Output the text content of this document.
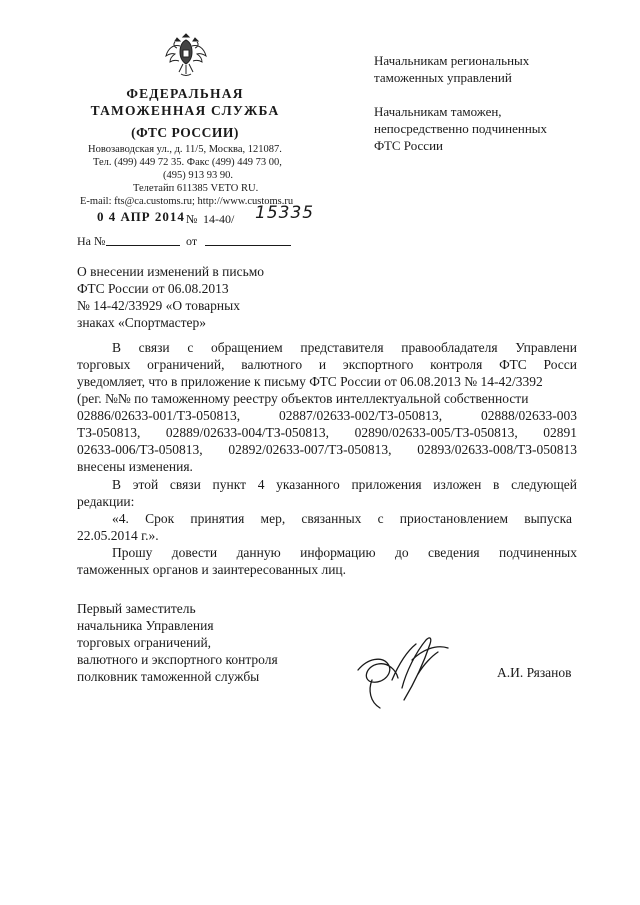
ФЕДЕРАЛЬНАЯ
ТАМОЖЕННАЯ СЛУЖБА
(ФТС РОССИИ)
Новозаводская ул., д. 11/5, Москва, 121087.
Тел. (499) 449 72 35. Факс (499) 449 73 00,
(495) 913 93 90.
Телетайп 611385 VETO RU.
E-mail: fts@ca.customs.ru; http://www.customs.ru
0 4 АПР 2014 № 14-40/ 15335
На №	от
Начальникам региональных
таможенных управлений
Начальникам таможен,
непосредственно подчиненных
ФТС России
О внесении изменений в письмо
ФТС России от 06.08.2013
№ 14-42/33929 «О товарных
знаках «Спортмастер»
В связи с обращением представителя правообладателя Управлени
торговых ограничений, валютного и экспортного контроля ФТС Росси
уведомляет, что в приложение к письму ФТС России от 06.08.2013 № 14-42/3392
(рег. №№ по таможенному реестру объектов интеллектуальной собственности
02886/02633-001/ТЗ-050813, 02887/02633-002/ТЗ-050813, 02888/02633-003
ТЗ-050813, 02889/02633-004/ТЗ-050813, 02890/02633-005/ТЗ-050813, 02891
02633-006/ТЗ-050813, 02892/02633-007/ТЗ-050813, 02893/02633-008/ТЗ-050813
внесены изменения.
В этой связи пункт 4 указанного приложения изложен в следующей
редакции:
«4. Срок принятия мер, связанных с приостановлением выпуска
22.05.2014 г.».
Прошу довести данную информацию до сведения подчиненных
таможенных органов и заинтересованных лиц.
Первый заместитель
начальника Управления
торговых ограничений,
валютного и экспортного контроля
полковник таможенной службы	А.И. Рязанов
